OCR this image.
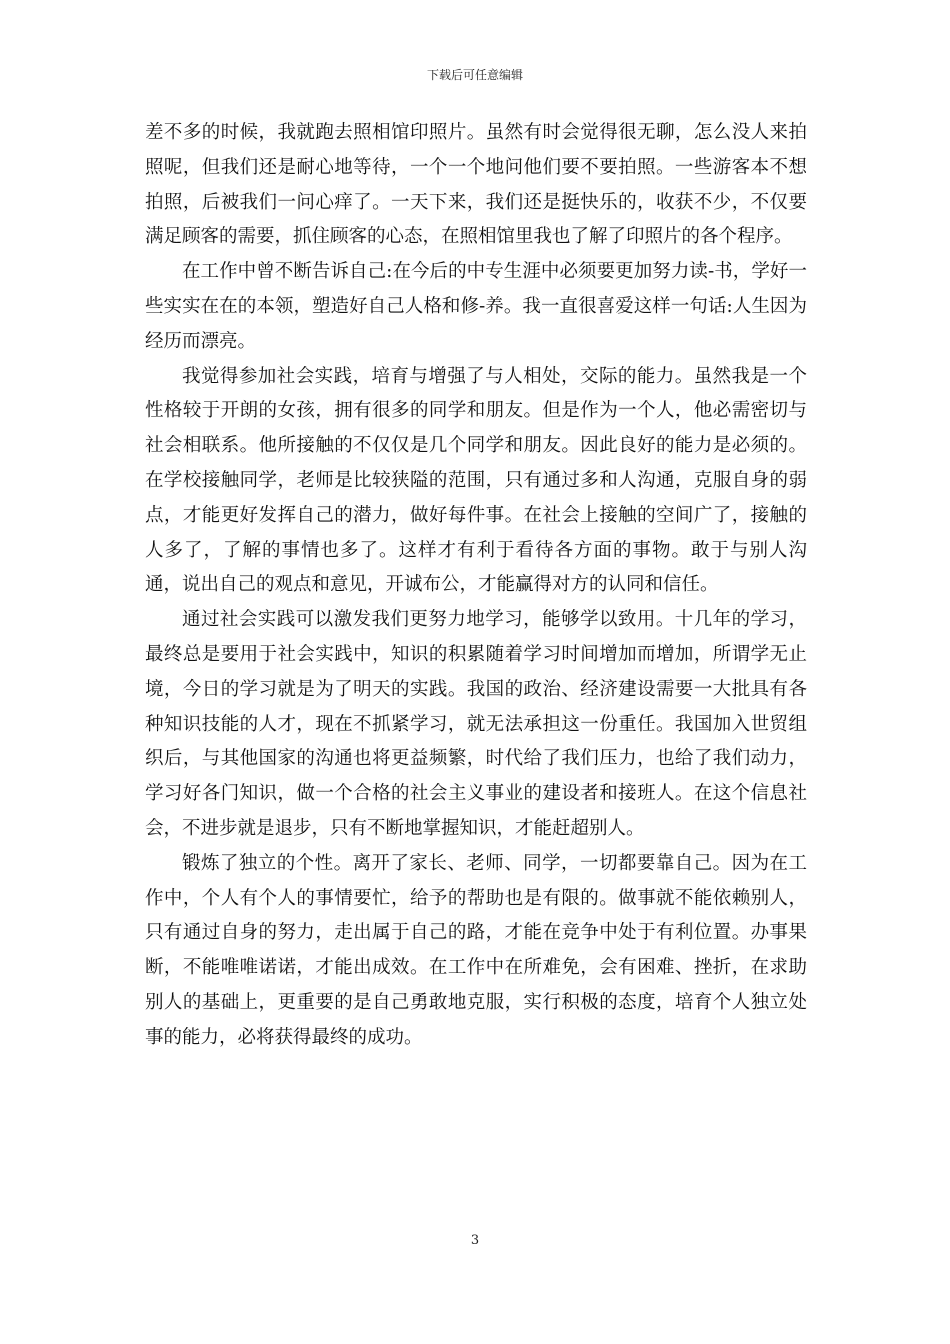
下载后可任意编辑

差不多的时候，我就跑去照相馆印照片。虽然有时会觉得很无聊，怎么没人来拍照呢，但我们还是耐心地等待，一个一个地问他们要不要拍照。一些游客本不想拍照，后被我们一问心痒了。一天下来，我们还是挺快乐的，收获不少，不仅要满足顾客的需要，抓住顾客的心态，在照相馆里我也了解了印照片的各个程序。

在工作中曾不断告诉自己:在今后的中专生涯中必须要更加努力读-书，学好一些实实在在的本领，塑造好自己人格和修-养。我一直很喜爱这样一句话:人生因为经历而漂亮。

我觉得参加社会实践，培育与增强了与人相处，交际的能力。虽然我是一个性格较于开朗的女孩，拥有很多的同学和朋友。但是作为一个人，他必需密切与社会相联系。他所接触的不仅仅是几个同学和朋友。因此良好的能力是必须的。在学校接触同学，老师是比较狭隘的范围，只有通过多和人沟通，克服自身的弱点，才能更好发挥自己的潜力，做好每件事。在社会上接触的空间广了，接触的人多了，了解的事情也多了。这样才有利于看待各方面的事物。敢于与别人沟通，说出自己的观点和意见，开诚布公，才能赢得对方的认同和信任。

通过社会实践可以激发我们更努力地学习，能够学以致用。十几年的学习，最终总是要用于社会实践中，知识的积累随着学习时间增加而增加，所谓学无止境，今日的学习就是为了明天的实践。我国的政治、经济建设需要一大批具有各种知识技能的人才，现在不抓紧学习，就无法承担这一份重任。我国加入世贸组织后，与其他国家的沟通也将更益频繁，时代给了我们压力，也给了我们动力，学习好各门知识，做一个合格的社会主义事业的建设者和接班人。在这个信息社会，不进步就是退步，只有不断地掌握知识，才能赶超别人。

锻炼了独立的个性。离开了家长、老师、同学，一切都要靠自己。因为在工作中，个人有个人的事情要忙，给予的帮助也是有限的。做事就不能依赖别人，只有通过自身的努力，走出属于自己的路，才能在竞争中处于有利位置。办事果断，不能唯唯诺诺，才能出成效。在工作中在所难免，会有困难、挫折，在求助别人的基础上，更重要的是自己勇敢地克服，实行积极的态度，培育个人独立处事的能力，必将获得最终的成功。

3
